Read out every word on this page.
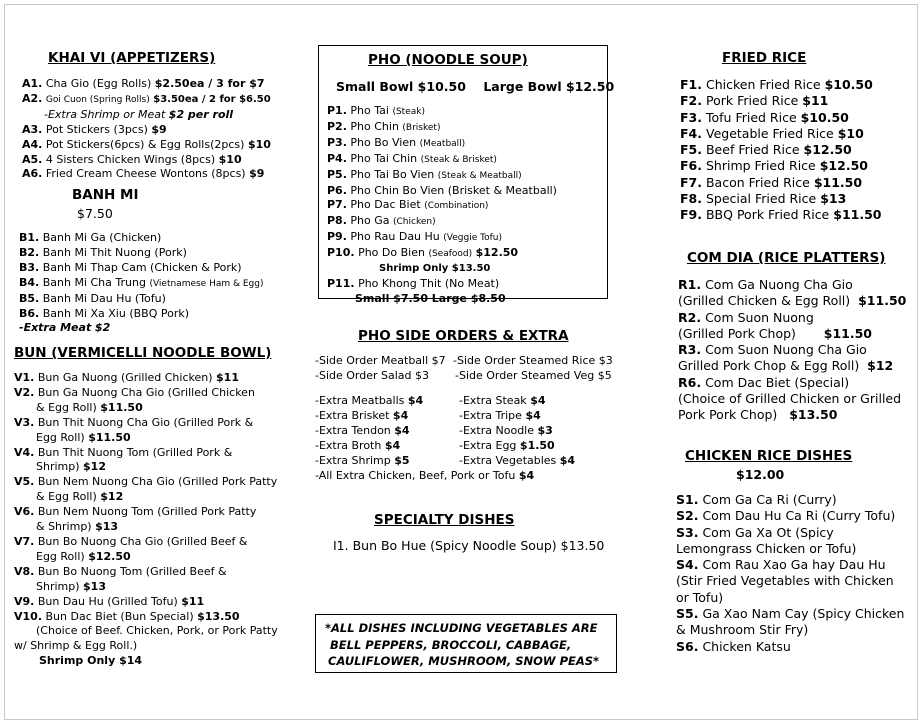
KHAI VI (APPETIZERS)
A1. Cha Gio (Egg Rolls) $2.50ea / 3 for $7
A2. Goi Cuon (Spring Rolls) $3.50ea / 2 for $6.50
-Extra Shrimp or Meat $2 per roll
A3. Pot Stickers (3pcs) $9
A4. Pot Stickers(6pcs) & Egg Rolls(2pcs) $10
A5. 4 Sisters Chicken Wings (8pcs) $10
A6. Fried Cream Cheese Wontons (8pcs) $9
BANH MI
$7.50
B1. Banh Mi Ga (Chicken)
B2. Banh Mi Thit Nuong (Pork)
B3. Banh Mi Thap Cam (Chicken & Pork)
B4. Banh Mi Cha Trung (Vietnamese Ham & Egg)
B5. Banh Mi Dau Hu (Tofu)
B6. Banh Mi Xa Xiu (BBQ Pork)
-Extra Meat $2
BUN (VERMICELLI NOODLE BOWL)
V1. Bun Ga Nuong (Grilled Chicken) $11
V2. Bun Ga Nuong Cha Gio (Grilled Chicken
& Egg Roll) $11.50
V3. Bun Thit Nuong Cha Gio (Grilled Pork &
Egg Roll) $11.50
V4. Bun Thit Nuong Tom (Grilled Pork &
Shrimp) $12
V5. Bun Nem Nuong Cha Gio (Grilled Pork Patty
& Egg Roll) $12
V6. Bun Nem Nuong Tom (Grilled Pork Patty
& Shrimp) $13
V7. Bun Bo Nuong Cha Gio (Grilled Beef &
Egg Roll) $12.50
V8. Bun Bo Nuong Tom (Grilled Beef &
Shrimp) $13
V9. Bun Dau Hu (Grilled Tofu) $11
V10. Bun Dac Biet (Bun Special) $13.50
(Choice of Beef. Chicken, Pork, or Pork Patty
w/ Shrimp & Egg Roll.)
Shrimp Only $14
PHO (NOODLE SOUP)
Small Bowl $10.50    Large Bowl $12.50
P1. Pho Tai (Steak)
P2. Pho Chin (Brisket)
P3. Pho Bo Vien (Meatball)
P4. Pho Tai Chin (Steak & Brisket)
P5. Pho Tai Bo Vien (Steak & Meatball)
P6. Pho Chin Bo Vien (Brisket & Meatball)
P7. Pho Dac Biet (Combination)
P8. Pho Ga (Chicken)
P9. Pho Rau Dau Hu (Veggie Tofu)
P10. Pho Do Bien (Seafood) $12.50
Shrimp Only $13.50
P11. Pho Khong Thit (No Meat)
Small $7.50 Large $8.50
PHO SIDE ORDERS & EXTRA
-Side Order Meatball $7 -Side Order Steamed Rice $3
-Side Order Salad $3 -Side Order Steamed Veg $5
-Extra Meatballs $4	-Extra Steak $4
-Extra Brisket $4	-Extra Tripe $4
-Extra Tendon $4	-Extra Noodle $3
-Extra Broth $4	-Extra Egg $1.50
-Extra Shrimp $5	-Extra Vegetables $4
-All Extra Chicken, Beef, Pork or Tofu $4
SPECIALTY DISHES
I1. Bun Bo Hue (Spicy Noodle Soup) $13.50
*ALL DISHES INCLUDING VEGETABLES ARE
BELL PEPPERS, BROCCOLI, CABBAGE,
CAULIFLOWER, MUSHROOM, SNOW PEAS*
FRIED RICE
F1. Chicken Fried Rice $10.50
F2. Pork Fried Rice $11
F3. Tofu Fried Rice $10.50
F4. Vegetable Fried Rice $10
F5. Beef Fried Rice $12.50
F6. Shrimp Fried Rice $12.50
F7. Bacon Fried Rice $11.50
F8. Special Fried Rice $13
F9. BBQ Pork Fried Rice $11.50
COM DIA (RICE PLATTERS)
R1. Com Ga Nuong Cha Gio
(Grilled Chicken & Egg Roll) $11.50
R2. Com Suon Nuong
(Grilled Pork Chop) $11.50
R3. Com Suon Nuong Cha Gio
Grilled Pork Chop & Egg Roll) $12
R6. Com Dac Biet (Special)
(Choice of Grilled Chicken or Grilled
Pork Pork Chop) $13.50
CHICKEN RICE DISHES
$12.00
S1. Com Ga Ca Ri (Curry)
S2. Com Dau Hu Ca Ri (Curry Tofu)
S3. Com Ga Xa Ot (Spicy
Lemongrass Chicken or Tofu)
S4. Com Rau Xao Ga hay Dau Hu
(Stir Fried Vegetables with Chicken
or Tofu)
S5. Ga Xao Nam Cay (Spicy Chicken
& Mushroom Stir Fry)
S6. Chicken Katsu
